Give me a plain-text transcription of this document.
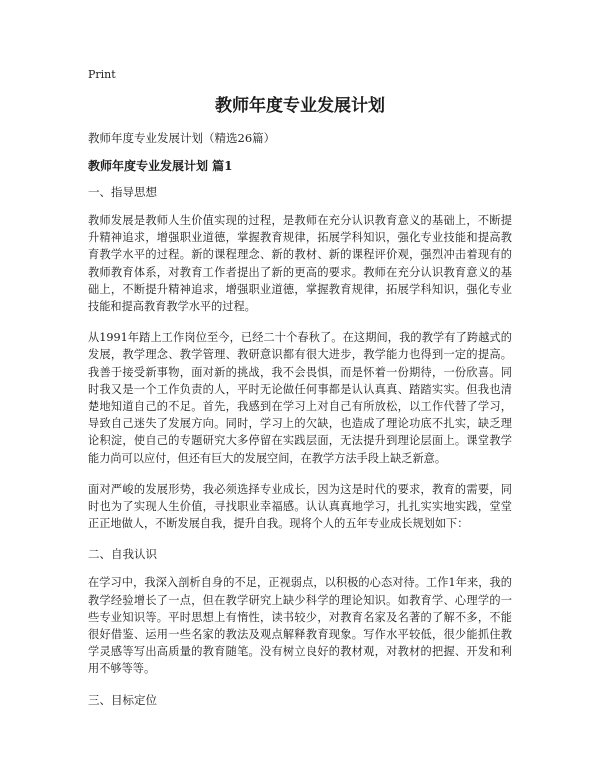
Print
教师年度专业发展计划
教师年度专业发展计划（精选26篇）
教师年度专业发展计划 篇1
一、指导思想

教师发展是教师人生价值实现的过程，是教师在充分认识教育意义的基础上，不断提升精神追求，增强职业道德，掌握教育规律，拓展学科知识，强化专业技能和提高教育教学水平的过程。新的课程理念、新的教材、新的课程评价观，强烈冲击着现有的教师教育体系，对教育工作者提出了新的更高的要求。教师在充分认识教育意义的基础上，不断提升精神追求，增强职业道德，掌握教育规律，拓展学科知识，强化专业技能和提高教育教学水平的过程。

从1991年踏上工作岗位至今，已经二十个春秋了。在这期间，我的教学有了跨越式的发展，教学理念、教学管理、教研意识都有很大进步，教学能力也得到一定的提高。我善于接受新事物，面对新的挑战，我不会畏惧，而是怀着一份期待，一份欣喜。同时我又是一个工作负责的人，平时无论做任何事都是认认真真、踏踏实实。但我也清楚地知道自己的不足。首先，我感到在学习上对自己有所放松，以工作代替了学习，导致自己迷失了发展方向。同时，学习上的欠缺，也造成了理论功底不扎实，缺乏理论积淀，使自己的专题研究大多停留在实践层面，无法提升到理论层面上。课堂教学能力尚可以应付，但还有巨大的发展空间，在教学方法手段上缺乏新意。

面对严峻的发展形势，我必须选择专业成长，因为这是时代的要求，教育的需要，同时也为了实现人生价值，寻找职业幸福感。认认真真地学习，扎扎实实地实践，堂堂正正地做人，不断发展自我，提升自我。现将个人的五年专业成长规划如下：

二、自我认识

在学习中，我深入剖析自身的不足，正视弱点，以积极的心态对待。工作1年来，我的教学经验增长了一点，但在教学研究上缺少科学的理论知识。如教育学、心理学的一些专业知识等。平时思想上有惰性，读书较少，对教育名家及名著的了解不多，不能很好借鉴、运用一些名家的教法及观点解释教育现象。写作水平较低，很少能抓住教学灵感等写出高质量的教育随笔。没有树立良好的教材观，对教材的把握、开发和利用不够等等。

三、目标定位
